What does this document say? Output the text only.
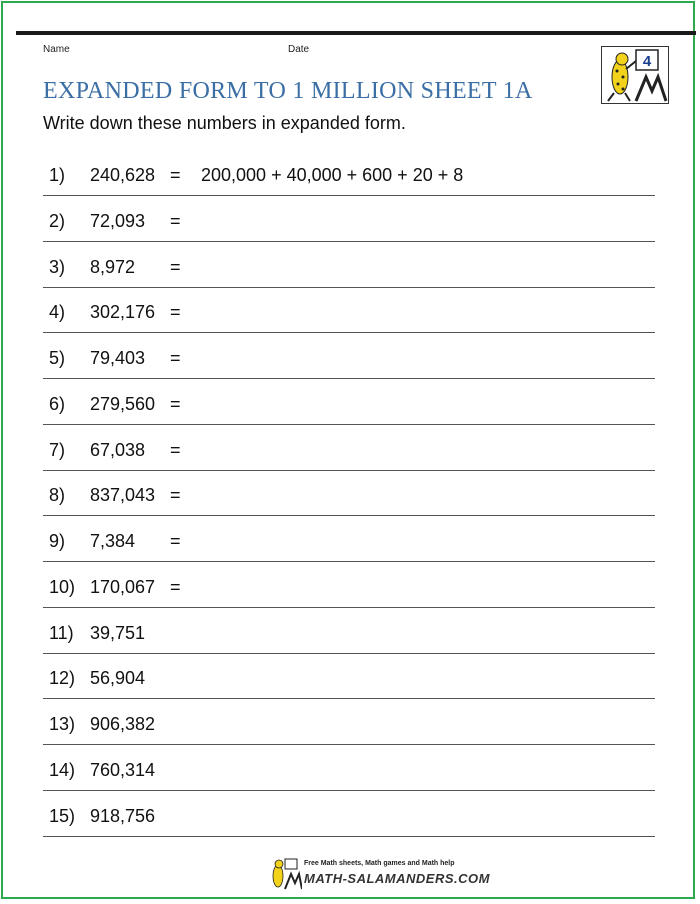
Name	Date
4
EXPANDED FORM TO 1 MILLION SHEET 1A
Write down these numbers in expanded form.
1) 240,628 = 200,000 + 40,000 + 600 + 20 + 8
2) 72,093 =
3) 8,972 =
4) 302,176 =
5) 79,403 =
6) 279,560 =
7) 67,038 =
8) 837,043 =
9) 7,384 =
10) 170,067 =
11) 39,751
12) 56,904
13) 906,382
14) 760,314
15) 918,756
Free Math sheets, Math games and Math help
MATH-SALAMANDERS.COM
